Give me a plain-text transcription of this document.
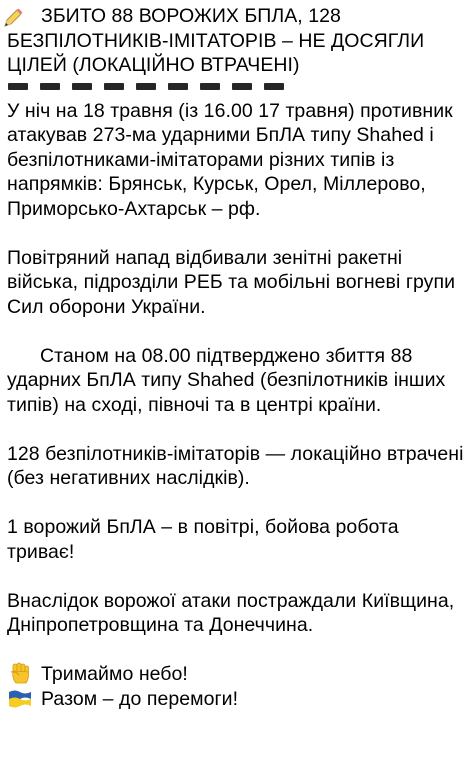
ЗБИТО 88 ВОРОЖИХ БПЛА, 128 БЕЗПІЛОТНИКІВ-ІМІТАТОРІВ – НЕ ДОСЯГЛИ ЦІЛЕЙ (ЛОКАЦІЙНО ВТРАЧЕНІ)

У ніч на 18 травня (із 16.00 17 травня) противник атакував 273-ма ударними БпЛА типу Shahed і безпілотниками-імітаторами різних типів із напрямків: Брянськ, Курськ, Орел, Міллерово, Приморсько-Ахтарськ – рф.

Повітряний напад відбивали зенітні ракетні війська, підрозділи РЕБ та мобільні вогневі групи Сил оборони України.

Станом на 08.00 підтверджено збиття 88 ударних БпЛА типу Shahed (безпілотників інших типів) на сході, півночі та в центрі країни.

128 безпілотників-імітаторів — локаційно втрачені (без негативних наслідків).

1 ворожий БпЛА – в повітрі, бойова робота триває!

Внаслідок ворожої атаки постраждали Київщина, Дніпропетровщина та Донеччина.

Тримаймо небо!
Разом – до перемоги!
